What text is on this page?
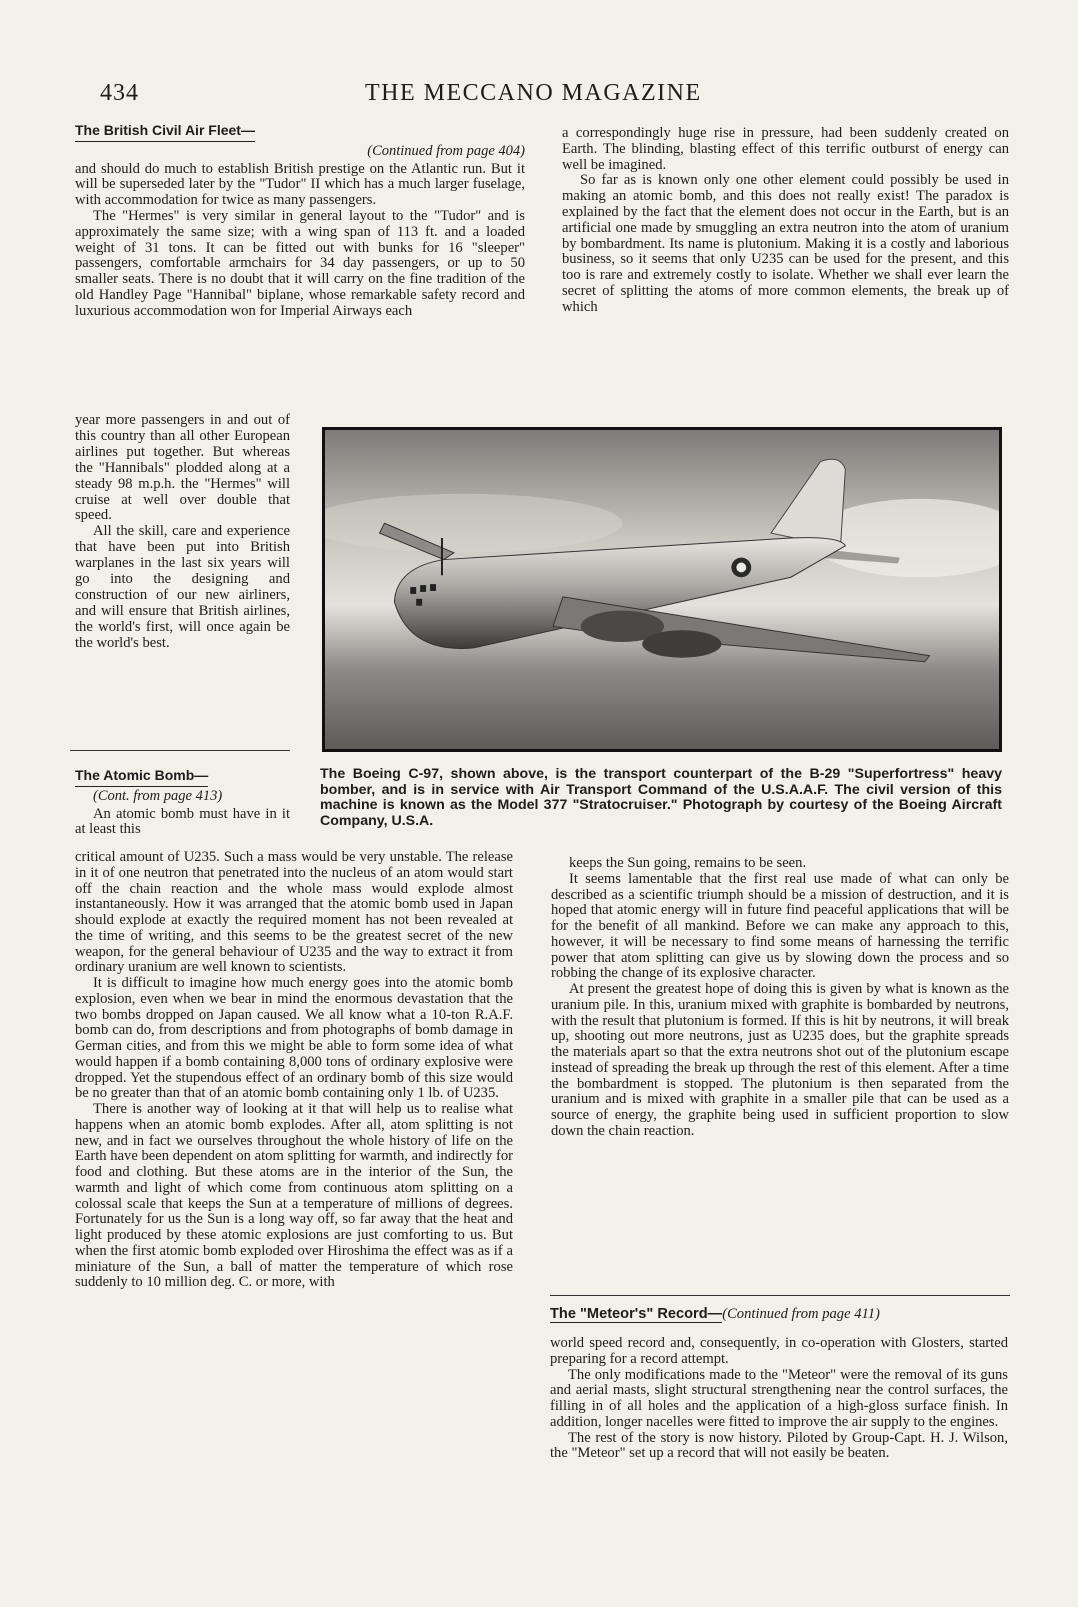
434	THE MECCANO MAGAZINE
The British Civil Air Fleet—
(Continued from page 404)

and should do much to establish British prestige on the Atlantic run. But it will be superseded later by the "Tudor" II which has a much larger fuselage, with accommodation for twice as many passengers.

The "Hermes" is very similar in general layout to the "Tudor" and is approximately the same size; with a wing span of 113 ft. and a loaded weight of 31 tons. It can be fitted out with bunks for 16 "sleeper" passengers, comfortable armchairs for 34 day passengers, or up to 50 smaller seats. There is no doubt that it will carry on the fine tradition of the old Handley Page "Hannibal" biplane, whose remarkable safety record and luxurious accommodation won for Imperial Airways each

year more passengers in and out of this country than all other European airlines put together. But whereas the "Hannibals" plodded along at a steady 98 m.p.h. the "Hermes" will cruise at well over double that speed.

All the skill, care and experience that have been put into British warplanes in the last six years will go into the designing and construction of our new airliners, and will ensure that British airlines, the world's first, will once again be the world's best.

a correspondingly huge rise in pressure, had been suddenly created on Earth. The blinding, blasting effect of this terrific outburst of energy can well be imagined.

So far as is known only one other element could possibly be used in making an atomic bomb, and this does not really exist! The paradox is explained by the fact that the element does not occur in the Earth, but is an artificial one made by smuggling an extra neutron into the atom of uranium by bombardment. Its name is plutonium. Making it is a costly and laborious business, so it seems that only U235 can be used for the present, and this too is rare and extremely costly to isolate. Whether we shall ever learn the secret of splitting the atoms of more common elements, the break up of which

The Boeing C-97, shown above, is the transport counterpart of the B-29 "Superfortress" heavy bomber, and is in service with Air Transport Command of the U.S.A.A.F. The civil version of this machine is known as the Model 377 "Stratocruiser." Photograph by courtesy of the Boeing Aircraft Company, U.S.A.
The Atomic Bomb—
(Cont. from page 413)

An atomic bomb must have in it at least this

critical amount of U235. Such a mass would be very unstable. The release in it of one neutron that penetrated into the nucleus of an atom would start off the chain reaction and the whole mass would explode almost instantaneously. How it was arranged that the atomic bomb used in Japan should explode at exactly the required moment has not been revealed at the time of writing, and this seems to be the greatest secret of the new weapon, for the general behaviour of U235 and the way to extract it from ordinary uranium are well known to scientists.

It is difficult to imagine how much energy goes into the atomic bomb explosion, even when we bear in mind the enormous devastation that the two bombs dropped on Japan caused. We all know what a 10-ton R.A.F. bomb can do, from descriptions and from photographs of bomb damage in German cities, and from this we might be able to form some idea of what would happen if a bomb containing 8,000 tons of ordinary explosive were dropped. Yet the stupendous effect of an ordinary bomb of this size would be no greater than that of an atomic bomb containing only 1 lb. of U235.

There is another way of looking at it that will help us to realise what happens when an atomic bomb explodes. After all, atom splitting is not new, and in fact we ourselves throughout the whole history of life on the Earth have been dependent on atom splitting for warmth, and indirectly for food and clothing. But these atoms are in the interior of the Sun, the warmth and light of which come from continuous atom splitting on a colossal scale that keeps the Sun at a temperature of millions of degrees. Fortunately for us the Sun is a long way off, so far away that the heat and light produced by these atomic explosions are just comforting to us. But when the first atomic bomb exploded over Hiroshima the effect was as if a miniature of the Sun, a ball of matter the temperature of which rose suddenly to 10 million deg. C. or more, with

keeps the Sun going, remains to be seen.

It seems lamentable that the first real use made of what can only be described as a scientific triumph should be a mission of destruction, and it is hoped that atomic energy will in future find peaceful applications that will be for the benefit of all mankind. Before we can make any approach to this, however, it will be necessary to find some means of harnessing the terrific power that atom splitting can give us by slowing down the process and so robbing the change of its explosive character.

At present the greatest hope of doing this is given by what is known as the uranium pile. In this, uranium mixed with graphite is bombarded by neutrons, with the result that plutonium is formed. If this is hit by neutrons, it will break up, shooting out more neutrons, just as U235 does, but the graphite spreads the materials apart so that the extra neutrons shot out of the plutonium escape instead of spreading the break up through the rest of this element. After a time the bombardment is stopped. The plutonium is then separated from the uranium and is mixed with graphite in a smaller pile that can be used as a source of energy, the graphite being used in sufficient proportion to slow down the chain reaction.

The "Meteor's" Record—(Continued from page 411)

world speed record and, consequently, in co-operation with Glosters, started preparing for a record attempt.

The only modifications made to the "Meteor" were the removal of its guns and aerial masts, slight structural strengthening near the control surfaces, the filling in of all holes and the application of a high-gloss surface finish. In addition, longer nacelles were fitted to improve the air supply to the engines.

The rest of the story is now history. Piloted by Group-Capt. H. J. Wilson, the "Meteor" set up a record that will not easily be beaten.
